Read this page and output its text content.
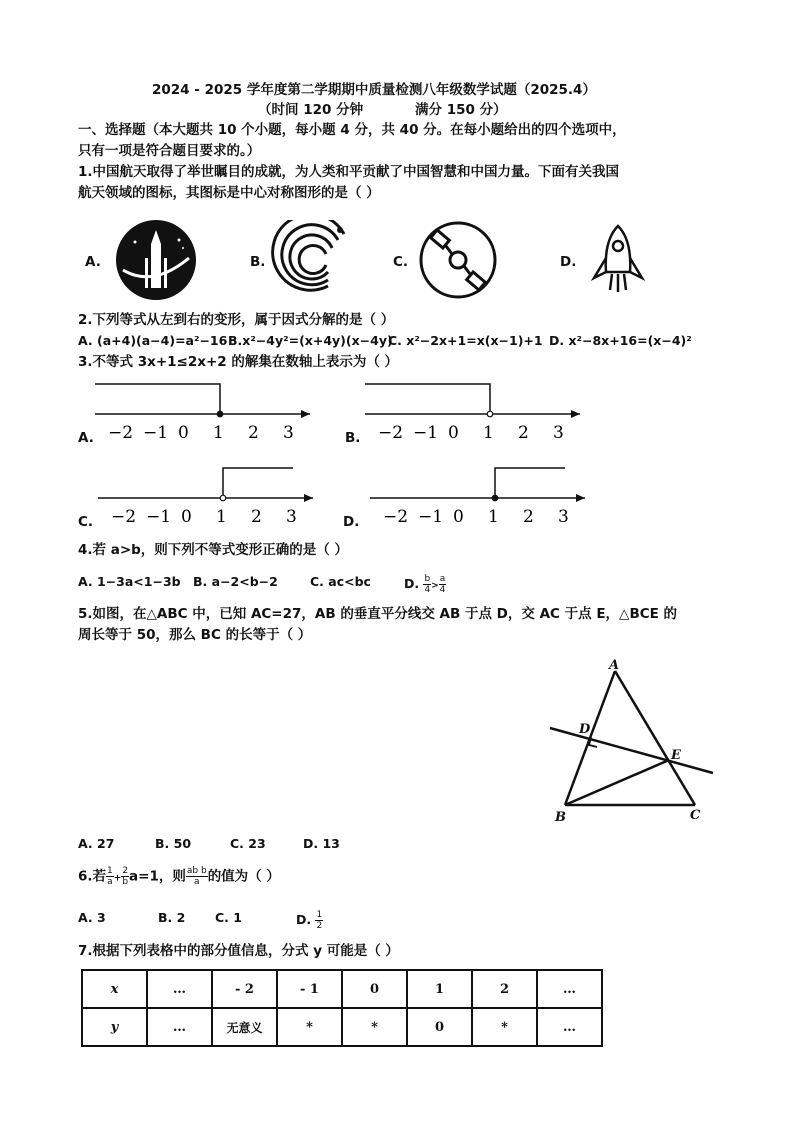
2024 - 2025 学年度第二学期期中质量检测八年级数学试题（2025.4）
（时间 120 分钟	满分 150 分）
一、选择题（本大题共 10 个小题，每小题 4 分，共 40 分。在每小题给出的四个选项中，
只有一项是符合题目要求的。）
1.中国航天取得了举世瞩目的成就，为人类和平贡献了中国智慧和中国力量。下面有关我国
航天领域的图标，其图标是中心对称图形的是（ ）
A.	B.	C.	D.
2.下列等式从左到右的变形，属于因式分解的是（ ）
A. (a+4)(a−4)=a²−16 B.x²−4y²=(x+4y)(x−4y)
C. x²−2x+1=x(x−1)+1 D. x²−8x+16=(x−4)²
3.不等式 3x+1≤2x+2 的解集在数轴上表示为（ ）
A. −2 −1 0 1 2 3	B. −2 −1 0 1 2 3
C. −2 −1 0 1 2 3	D. −2 −1 0 1 2 3
4.若 a>b，则下列不等式变形正确的是（ ）
A. 1−3a<1−3b B. a−2<b−2	C. ac<bc	D. $\frac{b}{4} > \frac{a}{4}$
5.如图，在△ABC 中，已知 AC=27，AB 的垂直平分线交 AB 于点 D，交 AC 于点 E，△BCE 的
周长等于 50，那么 BC 的长等于（ ）
A
B	C
D
E
A. 27	B. 50	C. 23	D. 13
6.若 $\frac{1}{a} + \frac{2}{b} a=1$，则 $\frac{\text{ab b}}{a}$ 的值为（ ）
A. 3	B. 2 C. 1	D. $\frac{1}{2}$
7.根据下列表格中的部分值信息，分式 y 可能是（ ）
x	…	- 2	- 1	0	1	2	…
y	…	无意义	*	*	0	*	…
